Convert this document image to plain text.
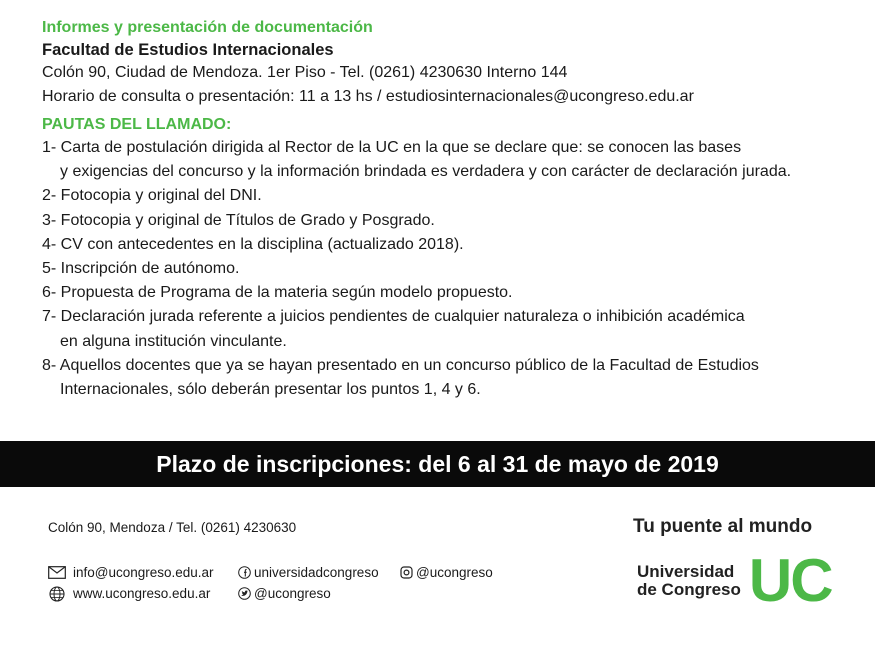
Informes y presentación de documentación
Facultad de Estudios Internacionales
Colón 90, Ciudad de Mendoza. 1er Piso - Tel. (0261) 4230630 Interno 144
Horario de consulta o presentación: 11 a 13 hs / estudiosinternacionales@ucongreso.edu.ar
PAUTAS DEL LLAMADO:
1- Carta de postulación dirigida al Rector de la UC en la que se declare que: se conocen las bases
y exigencias del concurso y la información brindada es verdadera y con carácter de declaración jurada.
2- Fotocopia y original del DNI.
3- Fotocopia y original de Títulos de Grado y Posgrado.
4- CV con antecedentes en la disciplina (actualizado 2018).
5- Inscripción de autónomo.
6- Propuesta de Programa de la materia según modelo propuesto.
7- Declaración jurada referente a juicios pendientes de cualquier naturaleza o inhibición académica
en alguna institución vinculante.
8- Aquellos docentes que ya se hayan presentado en un concurso público de la Facultad de Estudios
Internacionales, sólo deberán presentar los puntos 1, 4 y 6.
Plazo de inscripciones: del 6 al 31 de mayo de 2019
Colón 90, Mendoza / Tel. (0261) 4230630
info@ucongreso.edu.ar	universidadcongreso	@ucongreso
www.ucongreso.edu.ar	@ucongreso
Tu puente al mundo
Universidad
de Congreso UC
